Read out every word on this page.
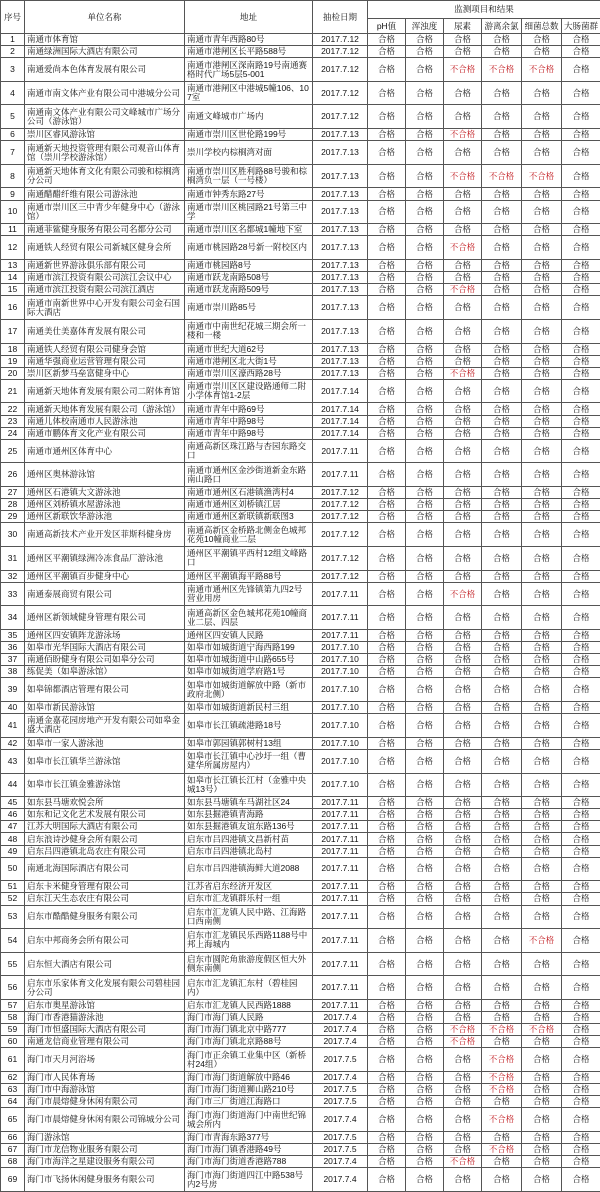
序号	单位名称	地址	抽检日期	监测项目和结果					
				pH值	浑浊度	尿素	游离余氯	细菌总数	大肠菌群
1	南通市体育馆	南通市青年西路80号	2017.7.12	合格	合格	合格	合格	合格	合格
2	南通绿洲国际大酒店有限公司	南通市港闸区长平路588号	2017.7.12	合格	合格	合格	合格	合格	合格
3	南通爱尚本色体育发展有限公司	南通市港闸区深南路19号南通赛格时代广场5层5-001	2017.7.12	合格	合格	不合格	不合格	不合格	合格
4	南通市南文体产业有限公司中港城分公司	南通市港闸区中港城5幢106、107室	2017.7.12	合格	合格	合格	合格	合格	合格
5	南通南文体产业有限公司文峰城市广场分公司（游泳馆）	南通文峰城市广场内	2017.7.12	合格	合格	合格	合格	合格	合格
6	崇川区睿风游泳馆	南通市崇川区世伦路199号	2017.7.13	合格	合格	不合格	合格	合格	合格
7	南通新天地投资管理有限公司观音山体育馆（崇川学校游泳馆）	崇川学校内棕榈湾对面	2017.7.13	合格	合格	合格	合格	合格	合格
8	南通新天地体育文化有限公司骏和棕榈湾分公司	南通市崇川区胜利路88号骏和棕榈湾负一层（一号楼）	2017.7.13	合格	合格	不合格	不合格	不合格	合格
9	南通醋醋纤维有限公司游泳池	南通市钟秀东路27号	2017.7.13	合格	合格	合格	合格	合格	合格
10	南通市崇川区三中青少年健身中心（游泳馆）	南通市崇川区桃园路21号第三中学	2017.7.13	合格	合格	合格	合格	合格	合格
11	南通菲鲨健身服务有限公司名都分公司	南通市崇川区名都城1幢地下室	2017.7.13	合格	合格	合格	合格	合格	合格
12	南通铁人经贸有限公司新城区健身会所	南通市桃园路28号新一附校区内	2017.7.13	合格	合格	不合格	合格	合格	合格
13	南通新世界游泳俱乐部有限公司	南通市桃园路8号	2017.7.13	合格	合格	合格	合格	合格	合格
14	南通市滨江投资有限公司滨江会议中心	南通市跃龙南路508号	2017.7.13	合格	合格	合格	合格	合格	合格
15	南通市滨江投资有限公司滨江酒店	南通市跃龙南路509号	2017.7.13	合格	合格	不合格	合格	合格	合格
16	南通市南新世界中心开发有限公司金石国际大酒店	南通市崇川路85号	2017.7.13	合格	合格	合格	合格	合格	合格
17	南通美仕美嘉体育发展有限公司	南通市中南世纪花城三期会所一楼和一楼	2017.7.13	合格	合格	合格	合格	合格	合格
18	南通铁人经贸有限公司健身会馆	南通市世纪大道62号	2017.7.13	合格	合格	合格	合格	合格	合格
19	南通华强商业运营管理有限公司	南通市港闸区北大街1号	2017.7.13	合格	合格	合格	合格	合格	合格
20	崇川区新梦马垒富健身中心	南通市崇川区濠西路28号	2017.7.13	合格	合格	不合格	合格	合格	合格
21	南通新天地体育发展有限公司二附体育馆	南通市崇川区区建设路通师二附小学体育馆1-2层	2017.7.14	合格	合格	合格	合格	合格	合格
22	南通新天地体育发展有限公司（游泳馆）	南通市青年中路69号	2017.7.14	合格	合格	合格	合格	合格	合格
23	南通儿体校南通市人民游泳池	南通市青年中路98号	2017.7.14	合格	合格	合格	合格	合格	合格
24	南通市鹏体育文化产业有限公司	南通市青年中路98号	2017.7.14	合格	合格	合格	合格	合格	合格
25	南通市通州区体育中心	南通高新区珠江路与杏园东路交口	2017.7.11	合格	合格	合格	合格	合格	合格
26	通州区奥林游泳馆	南通市通州区金沙街道新金东路南山路口	2017.7.11	合格	合格	合格	合格	合格	合格
27	通州区石港镇大文游泳池	南通市通州区石港镇渔湾村4	2017.7.12	合格	合格	合格	合格	合格	合格
28	通州区刘桥镇水屋游泳池	南通市通州区刘桥镇江居	2017.7.12	合格	合格	合格	合格	合格	合格
29	通州区新联饮华游泳池	南通市通州区新联镇新联图3	2017.7.12	合格	合格	合格	合格	合格	合格
30	南通高新技术产业开发区菲斯科健身房	南通高新区金桥路北侧金色城邦花苑10幢商业二层	2017.7.12	合格	合格	合格	合格	合格	合格
31	通州区平潮镇绿洲冷冻食品厂游泳池	通州区平潮镇平西村12组文峰路口	2017.7.12	合格	合格	合格	合格	合格	合格
32	通州区平潮镇百步健身中心	通州区平潮镇海平路88号	2017.7.12	合格	合格	合格	合格	合格	合格
33	南通泰展商贸有限公司	南通市通州区先锋镇第九四2号营业用房	2017.7.11	合格	合格	不合格	合格	合格	合格
34	通州区新领域健身管理有限公司	南通高新区金色城邦花苑10幢商业二层、四层	2017.7.11	合格	合格	合格	合格	合格	合格
35	通州区四安镇阵龙游泳场	通州区四安镇人民路	2017.7.11	合格	合格	合格	合格	合格	合格
36	如皋市光华国际大酒店有限公司	如皋市如城街道宁海西路199	2017.7.10	合格	合格	合格	合格	合格	合格
37	南通佰盼健身有限公司如皋分公司	如皋市如城街道中山路655号	2017.7.10	合格	合格	合格	合格	合格	合格
38	练促美（如皋游泳馆）	如皋市如城街道学府路1号	2017.7.10	合格	合格	合格	合格	合格	合格
39	如皋锦都酒店管理有限公司	如皋市如城街道解放中路（新市政府北侧）	2017.7.10	合格	合格	合格	合格	合格	合格
40	如皋市新民游泳馆	如皋市如城街道新民村三组	2017.7.10	合格	合格	合格	合格	合格	合格
41	南通金嘉花园房地产开发有限公司如皋金盛大酒店	如皋市长江镇疏港路18号	2017.7.10	合格	合格	合格	合格	合格	合格
42	如皋市一家人游泳池	如皋市郭园镇郭树村13组	2017.7.10	合格	合格	合格	合格	合格	合格
43	如皋市长江镇华兰游泳馆	如皋市长江镇中心沙圩一组（曹建华所属房屋内）	2017.7.10	合格	合格	合格	合格	合格	合格
44	如皋市长江镇金雅游泳馆	如皋市长江镇长江村（金雅中央城13号）	2017.7.10	合格	合格	合格	合格	合格	合格
45	如东县马塘欢悦会所	如东县马塘镇车马湖社区24	2017.7.11	合格	合格	合格	合格	合格	合格
46	如东和记文化艺术发展有限公司	如东县掘港镇青海路	2017.7.11	合格	合格	合格	合格	合格	合格
47	江苏大明国际大酒店有限公司	如东县掘港镇友谊东路136号	2017.7.11	合格	合格	合格	合格	合格	合格
48	启东浪诗沙健身会所有限公司	启东市吕四港镇文昌新村苗	2017.7.11	合格	合格	合格	合格	合格	合格
49	启东吕四港镇北岛农庄有限公司	启东市吕四港镇北岛村	2017.7.11	合格	合格	合格	合格	合格	合格
50	南通北海国际酒店有限公司	启东市吕四港镇海鲜大道2088	2017.7.11	合格	合格	合格	合格	合格	合格
51	启东卡米健身管理有限公司	江苏省启东经济开发区	2017.7.11	合格	合格	合格	合格	合格	合格
52	启东江天生态农庄有限公司	启东市汇龙镇群乐村一组	2017.7.11	合格	合格	合格	合格	合格	合格
53	启东市酷酷健身服务有限公司	启东市汇龙镇人民中路、江海路口西南侧	2017.7.11	合格	合格	合格	合格	合格	合格
54	启东中邦商务会所有限公司	启东市汇龙镇民乐西路1188号中邦上海城内	2017.7.11	合格	合格	合格	合格	不合格	合格
55	启东恒大酒店有限公司	启东市圆陀角旅游度假区恒大外侧东南侧	2017.7.11	合格	合格	合格	合格	合格	合格
56	启东市乐家体育文化发展有限公司碧桂园分公司	启东市汇龙镇汇东村（碧桂园内）	2017.7.11	合格	合格	合格	合格	合格	合格
57	启东市奥星游泳馆	启东市汇龙镇人民西路1888	2017.7.11	合格	合格	合格	合格	合格	合格
58	海门市香港猫游泳池	海门市海门镇人民路	2017.7.4	合格	合格	合格	合格	合格	合格
59	海门市恒盛国际大酒店有限公司	海门市海门镇北京中路777	2017.7.4	合格	合格	不合格	不合格	不合格	合格
60	南通龙信商业管理有限公司	海门市海门镇北京路88号	2017.7.4	合格	合格	不合格	合格	合格	合格
61	海门市天月河浴场	海门市正余镇工业集中区（新桥村24组）	2017.7.5	合格	合格	合格	不合格	合格	合格
62	海门市人民体育场	海门市海门街道解放中路46	2017.7.4	合格	合格	合格	不合格	合格	合格
63	海门市中海游泳馆	海门市海门街道狮山路210号	2017.7.5	合格	合格	合格	不合格	合格	合格
64	海门市晨熔健身休闲有限公司	海门市三厂街道江海路口	2017.7.5	合格	合格	合格	合格	合格	合格
65	海门市晨熔健身休闲有限公司锦城分公司	海门市海门街道海门中南世纪锦城会所内	2017.7.4	合格	合格	合格	不合格	合格	合格
66	海门游泳馆	海门市青海东路377号	2017.7.5	合格	合格	合格	合格	合格	合格
67	海门市龙信物业服务有限公司	海门市海门镇香港路49号	2017.7.5	合格	合格	合格	不合格	合格	合格
68	海门市海洋之星建设服务有限公司	海门市海门街道香港路788	2017.7.4	合格	合格	不合格	合格	合格	合格
69	海门市飞扬休闲健身服务有限公司	海门市海门街道四江中路538号内2号房	2017.7.4	合格	合格	合格	合格	合格	合格
